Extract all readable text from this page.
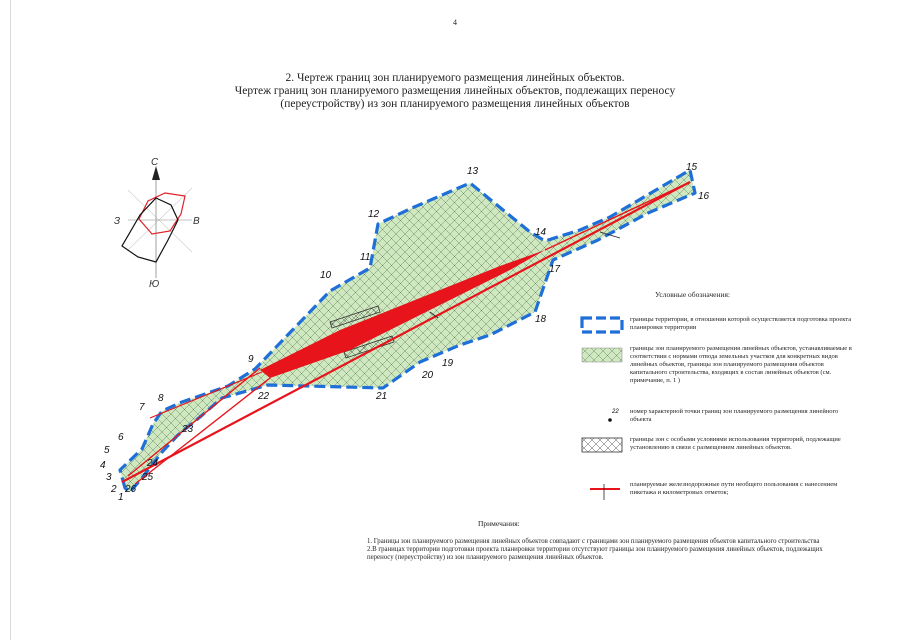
4
2. Чертеж границ зон планируемого размещения линейных объектов.
Чертеж границ зон планируемого размещения линейных объектов, подлежащих переносу
(переустройству) из зон планируемого размещения линейных объектов
С
З	В
Ю
1
2
3
4
5
6
7
8
9
10
11
12
13
14
15
16
17
18
19
20
21
22
23
24
25
26
22
Условные обозначения:
границы территории, в отношении которой осуществляется подготовка проекта планировки территории
границы зон планируемого размещения линейных объектов, устанавливаемые в соответствии с нормами отвода земельных участков для конкретных видов линейных объектов, границы зон планируемого размещения объектов капитального строительства, входящих в состав линейных объектов (см. примечание, п. 1 )
номер характерной точки границ зон планируемого размещения линейного объекта
границы зон с особыми условиями использования территорий, подлежащие установлению в связи с размещением линейных объектов.
планируемые железнодорожные пути необщего пользования с нанесением пикетажа и километровых отметок;
Примечания:
1. Границы зон планируемого размещения линейных объектов совпадают с границами зон планируемого размещения объектов капитального строительства
2.В границах территории подготовки проекта планировки территории отсутствуют границы зон планируемого размещения линейных объектов, подлежащих переносу (переустройству) из зон планируемого размещения линейных объектов.
